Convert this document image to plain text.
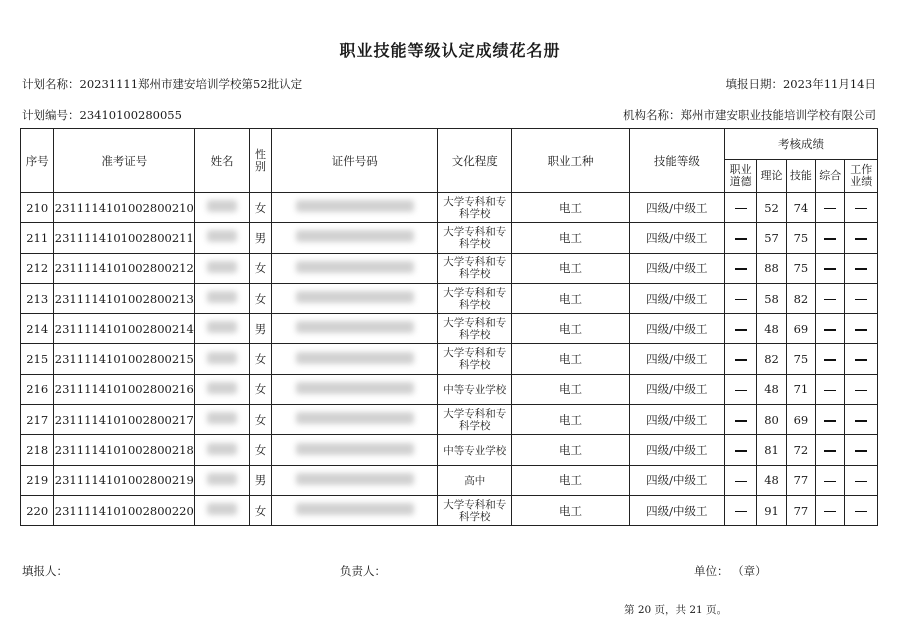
职业技能等级认定成绩花名册
计划名称：20231111郑州市建安培训学校第52批认定	填报日期：2023年11月14日
计划编号：23410100280055	机构名称：郑州市建安职业技能培训学校有限公司
序号	准考证号	姓名	性别	证件号码	文化程度	职业工种	技能等级	考核成绩				
								职业道德	理论	技能	综合	工作业绩
210	231111410100280021​0		女		大学专科和专科学校	电工	四级/中级工		52	74		
211	231111410100280021​1		男		大学专科和专科学校	电工	四级/中级工		57	75		
212	231111410100280021​2		女		大学专科和专科学校	电工	四级/中级工		88	75		
213	231111410100280021​3		女		大学专科和专科学校	电工	四级/中级工		58	82		
214	231111410100280021​4		男		大学专科和专科学校	电工	四级/中级工		48	69		
215	231111410100280021​5		女		大学专科和专科学校	电工	四级/中级工		82	75		
216	231111410100280021​6		女		中等专业学校	电工	四级/中级工		48	71		
217	231111410100280021​7		女		大学专科和专科学校	电工	四级/中级工		80	69		
218	231111410100280021​8		女		中等专业学校	电工	四级/中级工		81	72		
219	231111410100280021​9		男		高中	电工	四级/中级工		48	77		
220	231111410100280022​0		女		大学专科和专科学校	电工	四级/中级工		91	77		
填报人：	负责人：	单位： （章）
第 20 页，共 21 页。
